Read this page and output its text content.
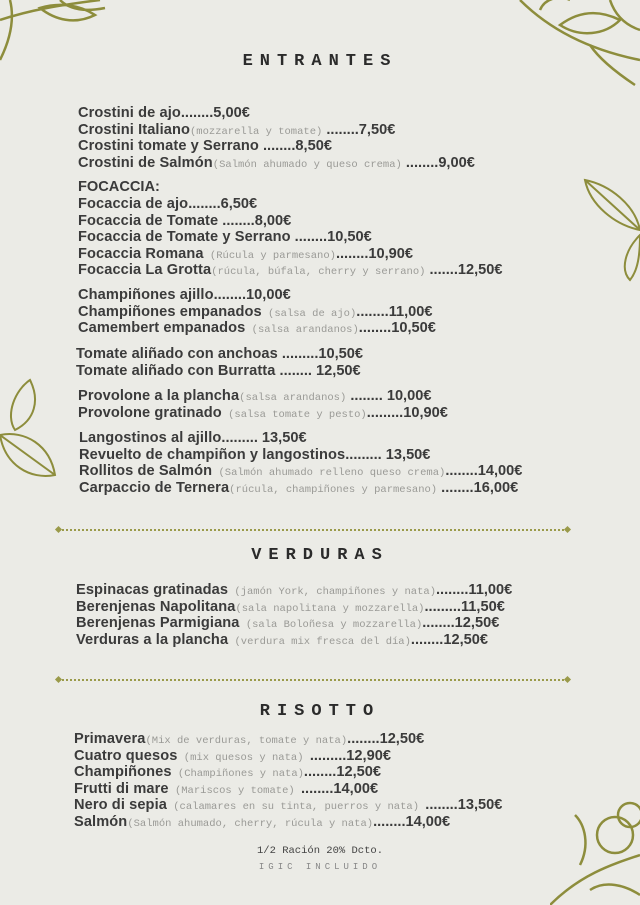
ENTRANTES
Crostini de ajo........5,00€
Crostini Italiano(mozzarella y tomate) ........7,50€
Crostini tomate y Serrano ........8,50€
Crostini de Salmón(Salmón ahumado y queso crema) ........9,00€
FOCACCIA:
Focaccia de ajo........6,50€
Focaccia de Tomate ........8,00€
Focaccia de Tomate y Serrano ........10,50€
Focaccia Romana (Rúcula y parmesano)........10,90€
Focaccia La Grotta(rúcula, búfala, cherry y serrano) .......12,50€
Champiñones ajillo........10,00€
Champiñones empanados (salsa de ajo)........11,00€
Camembert empanados (salsa arandanos)........10,50€
Tomate aliñado con anchoas .........10,50€
Tomate aliñado con Burratta ........ 12,50€
Provolone a la plancha(salsa arandanos) ........ 10,00€
Provolone gratinado (salsa tomate y pesto).........10,90€
Langostinos al ajillo......... 13,50€
Revuelto de champiñon y langostinos......... 13,50€
Rollitos de Salmón (Salmón ahumado relleno queso crema)........14,00€
Carpaccio de Ternera(rúcula, champiñones y parmesano) ........16,00€
VERDURAS
Espinacas gratinadas (jamón York, champiñones y nata)........11,00€
Berenjenas Napolitana(sala napolitana y mozzarella).........11,50€
Berenjenas Parmigiana (sala Boloñesa y mozzarella)........12,50€
Verduras a la plancha (verdura mix fresca del día)........12,50€
RISOTTO
Primavera(Mix de verduras, tomate y nata)........12,50€
Cuatro quesos (mix quesos y nata) .........12,90€
Champiñones (Champiñones y nata)........12,50€
Frutti di mare (Mariscos y tomate) ........14,00€
Nero di sepia (calamares en su tinta, puerros y nata) ........13,50€
Salmón(Salmón ahumado, cherry, rúcula y nata)........14,00€
1/2 Ración 20% Dcto.
IGIC INCLUIDO
